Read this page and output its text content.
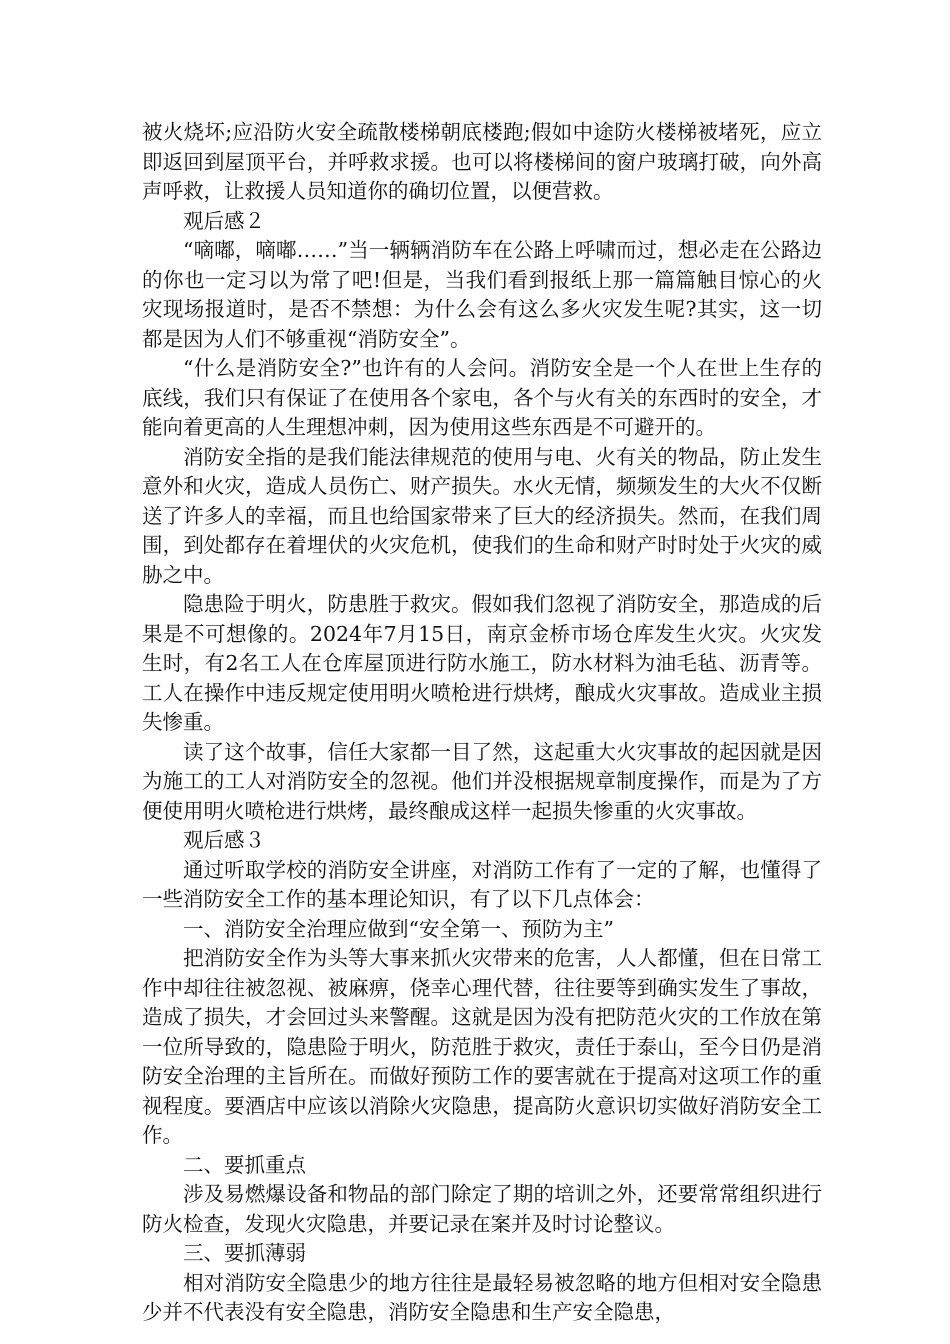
被火烧坏;应沿防火安全疏散楼梯朝底楼跑;假如中途防火楼梯被堵死，应立即返回到屋顶平台，并呼救求援。也可以将楼梯间的窗户玻璃打破，向外高声呼救，让救援人员知道你的确切位置，以便营救。

观后感２

“嘀嘟，嘀嘟……”当一辆辆消防车在公路上呼啸而过，想必走在公路边的你也一定习以为常了吧!但是，当我们看到报纸上那一篇篇触目惊心的火灾现场报道时，是否不禁想：为什么会有这么多火灾发生呢?其实，这一切都是因为人们不够重视“消防安全”。

“什么是消防安全?”也许有的人会问。消防安全是一个人在世上生存的底线，我们只有保证了在使用各个家电，各个与火有关的东西时的安全，才能向着更高的人生理想冲刺，因为使用这些东西是不可避开的。

消防安全指的是我们能法律规范的使用与电、火有关的物品，防止发生意外和火灾，造成人员伤亡、财产损失。水火无情，频频发生的大火不仅断送了许多人的幸福，而且也给国家带来了巨大的经济损失。然而，在我们周围，到处都存在着埋伏的火灾危机，使我们的生命和财产时时处于火灾的威胁之中。

隐患险于明火，防患胜于救灾。假如我们忽视了消防安全，那造成的后果是不可想像的。2024年7月15日，南京金桥市场仓库发生火灾。火灾发生时，有2名工人在仓库屋顶进行防水施工，防水材料为油毛毡、沥青等。工人在操作中违反规定使用明火喷枪进行烘烤，酿成火灾事故。造成业主损失惨重。

读了这个故事，信任大家都一目了然，这起重大火灾事故的起因就是因为施工的工人对消防安全的忽视。他们并没根据规章制度操作，而是为了方便使用明火喷枪进行烘烤，最终酿成这样一起损失惨重的火灾事故。

观后感３

通过听取学校的消防安全讲座，对消防工作有了一定的了解，也懂得了一些消防安全工作的基本理论知识，有了以下几点体会：

一、消防安全治理应做到“安全第一、预防为主”

把消防安全作为头等大事来抓火灾带来的危害，人人都懂，但在日常工作中却往往被忽视、被麻痹，侥幸心理代替，往往要等到确实发生了事故，造成了损失，才会回过头来警醒。这就是因为没有把防范火灾的工作放在第一位所导致的，隐患险于明火，防范胜于救灾，责任于泰山，至今日仍是消防安全治理的主旨所在。而做好预防工作的要害就在于提高对这项工作的重视程度。要酒店中应该以消除火灾隐患，提高防火意识切实做好消防安全工作。

二、要抓重点

涉及易燃爆设备和物品的部门除定了期的培训之外，还要常常组织进行防火检查，发现火灾隐患，并要记录在案并及时讨论整议。

三、要抓薄弱

相对消防安全隐患少的地方往往是最轻易被忽略的地方但相对安全隐患少并不代表没有安全隐患，消防安全隐患和生产安全隐患，
